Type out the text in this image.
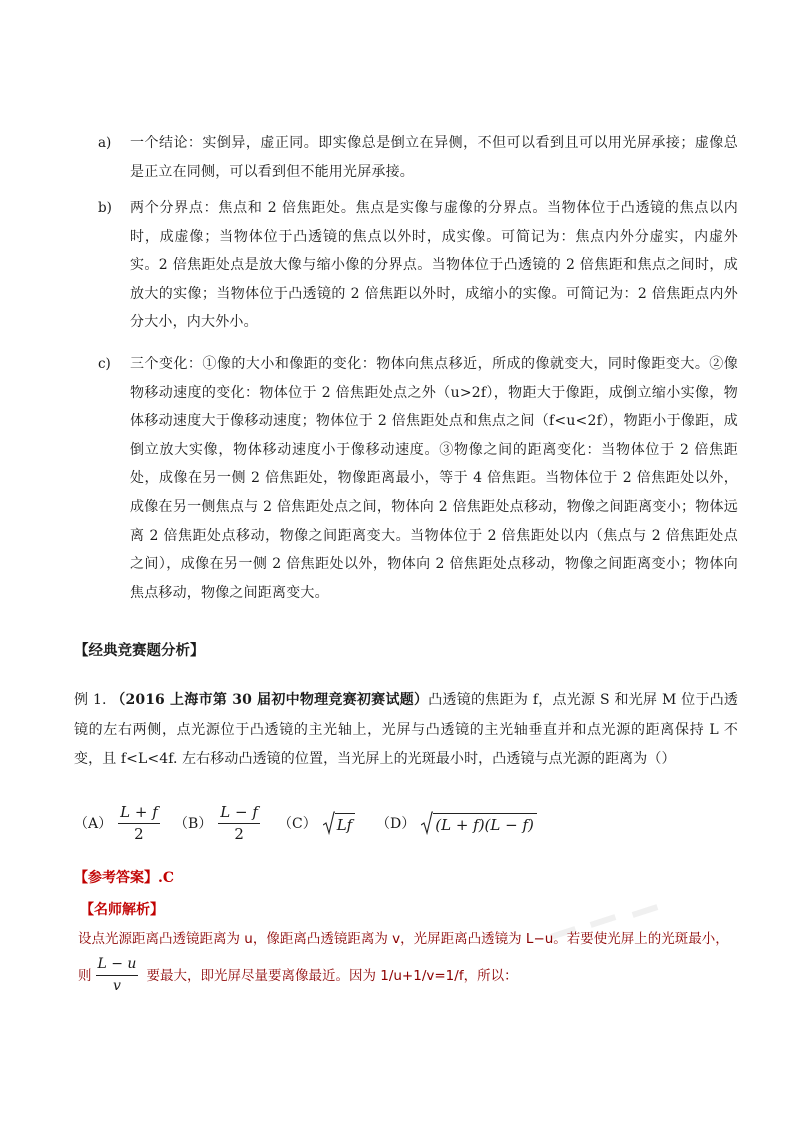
a) 一个结论：实倒异，虚正同。即实像总是倒立在异侧，不但可以看到且可以用光屏承接；虚像总是正立在同侧，可以看到但不能用光屏承接。
b) 两个分界点：焦点和 2 倍焦距处。焦点是实像与虚像的分界点。当物体位于凸透镜的焦点以内时，成虚像；当物体位于凸透镜的焦点以外时，成实像。可简记为：焦点内外分虚实，内虚外实。2 倍焦距处点是放大像与缩小像的分界点。当物体位于凸透镜的 2 倍焦距和焦点之间时，成放大的实像；当物体位于凸透镜的 2 倍焦距以外时，成缩小的实像。可简记为：2 倍焦距点内外分大小，内大外小。
c) 三个变化：①像的大小和像距的变化：物体向焦点移近，所成的像就变大，同时像距变大。②像物移动速度的变化：物体位于 2 倍焦距处点之外（u>2f），物距大于像距，成倒立缩小实像，物体移动速度大于像移动速度；物体位于 2 倍焦距处点和焦点之间（f<u<2f），物距小于像距，成倒立放大实像，物体移动速度小于像移动速度。③物像之间的距离变化：当物体位于 2 倍焦距处，成像在另一侧 2 倍焦距处，物像距离最小，等于 4 倍焦距。当物体位于 2 倍焦距处以外，成像在另一侧焦点与 2 倍焦距处点之间，物体向 2 倍焦距处点移动，物像之间距离变小；物体远离 2 倍焦距处点移动，物像之间距离变大。当物体位于 2 倍焦距处以内（焦点与 2 倍焦距处点之间），成像在另一侧 2 倍焦距处以外，物体向 2 倍焦距处点移动，物像之间距离变小；物体向焦点移动，物像之间距离变大。
【经典竞赛题分析】
例 1. （2016 上海市第 30 届初中物理竞赛初赛试题）凸透镜的焦距为 f，点光源 S 和光屏 M 位于凸透镜的左右两侧，点光源位于凸透镜的主光轴上，光屏与凸透镜的主光轴垂直并和点光源的距离保持 L 不变，且 f<L<4f. 左右移动凸透镜的位置，当光屏上的光斑最小时，凸透镜与点光源的距离为（）
$(A) \frac{L + f}{2} (B) \frac{L - f}{2} (C)$ Lf （D） (L + f)(L − f)
【参考答案】.C
【名师解析】
设点光源距离凸透镜距离为 u，像距离凸透镜距离为 v，光屏距离凸透镜为 L−u。若要使光屏上的光斑最小，
则 $\frac{L - u}{v}$ 要最大，即光屏尽量要离像最近。因为 1/u+1/v=1/f，所以：
